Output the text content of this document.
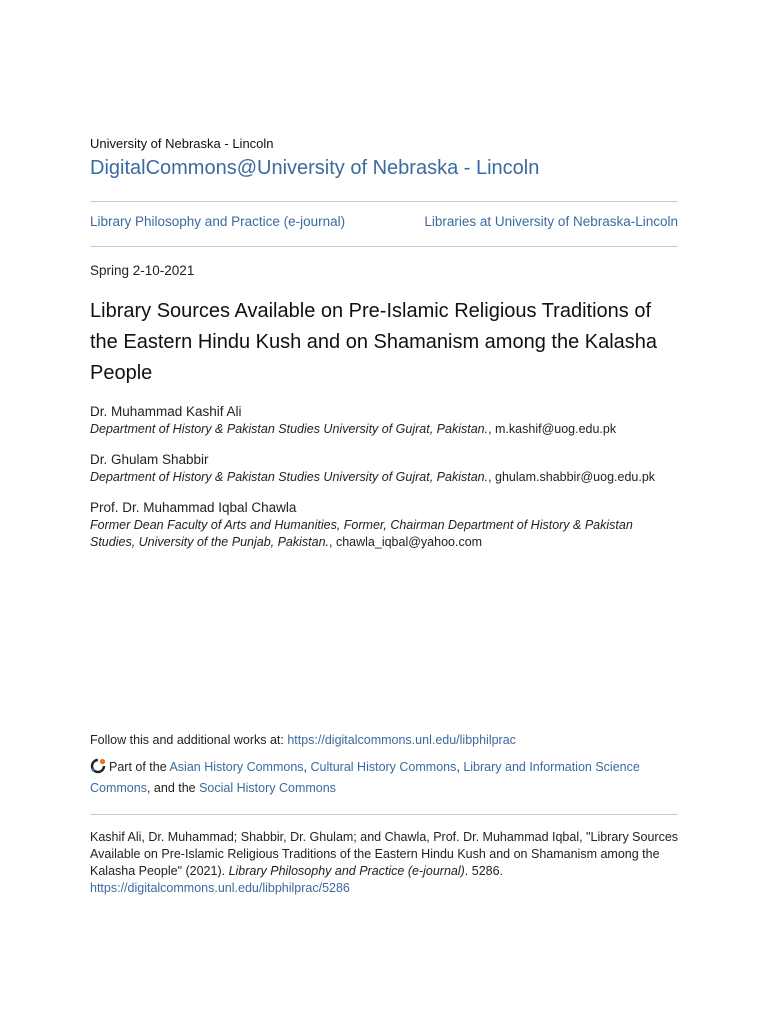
University of Nebraska - Lincoln
DigitalCommons@University of Nebraska - Lincoln
Library Philosophy and Practice (e-journal)	Libraries at University of Nebraska-Lincoln
Spring 2-10-2021
Library Sources Available on Pre-Islamic Religious Traditions of the Eastern Hindu Kush and on Shamanism among the Kalasha People
Dr. Muhammad Kashif Ali
Department of History & Pakistan Studies University of Gujrat, Pakistan., m.kashif@uog.edu.pk
Dr. Ghulam Shabbir
Department of History & Pakistan Studies University of Gujrat, Pakistan., ghulam.shabbir@uog.edu.pk
Prof. Dr. Muhammad Iqbal Chawla
Former Dean Faculty of Arts and Humanities, Former, Chairman Department of History & Pakistan Studies, University of the Punjab, Pakistan., chawla_iqbal@yahoo.com
Follow this and additional works at: https://digitalcommons.unl.edu/libphilprac
Part of the Asian History Commons, Cultural History Commons, Library and Information Science Commons, and the Social History Commons
Kashif Ali, Dr. Muhammad; Shabbir, Dr. Ghulam; and Chawla, Prof. Dr. Muhammad Iqbal, "Library Sources Available on Pre-Islamic Religious Traditions of the Eastern Hindu Kush and on Shamanism among the Kalasha People" (2021). Library Philosophy and Practice (e-journal). 5286.
https://digitalcommons.unl.edu/libphilprac/5286
